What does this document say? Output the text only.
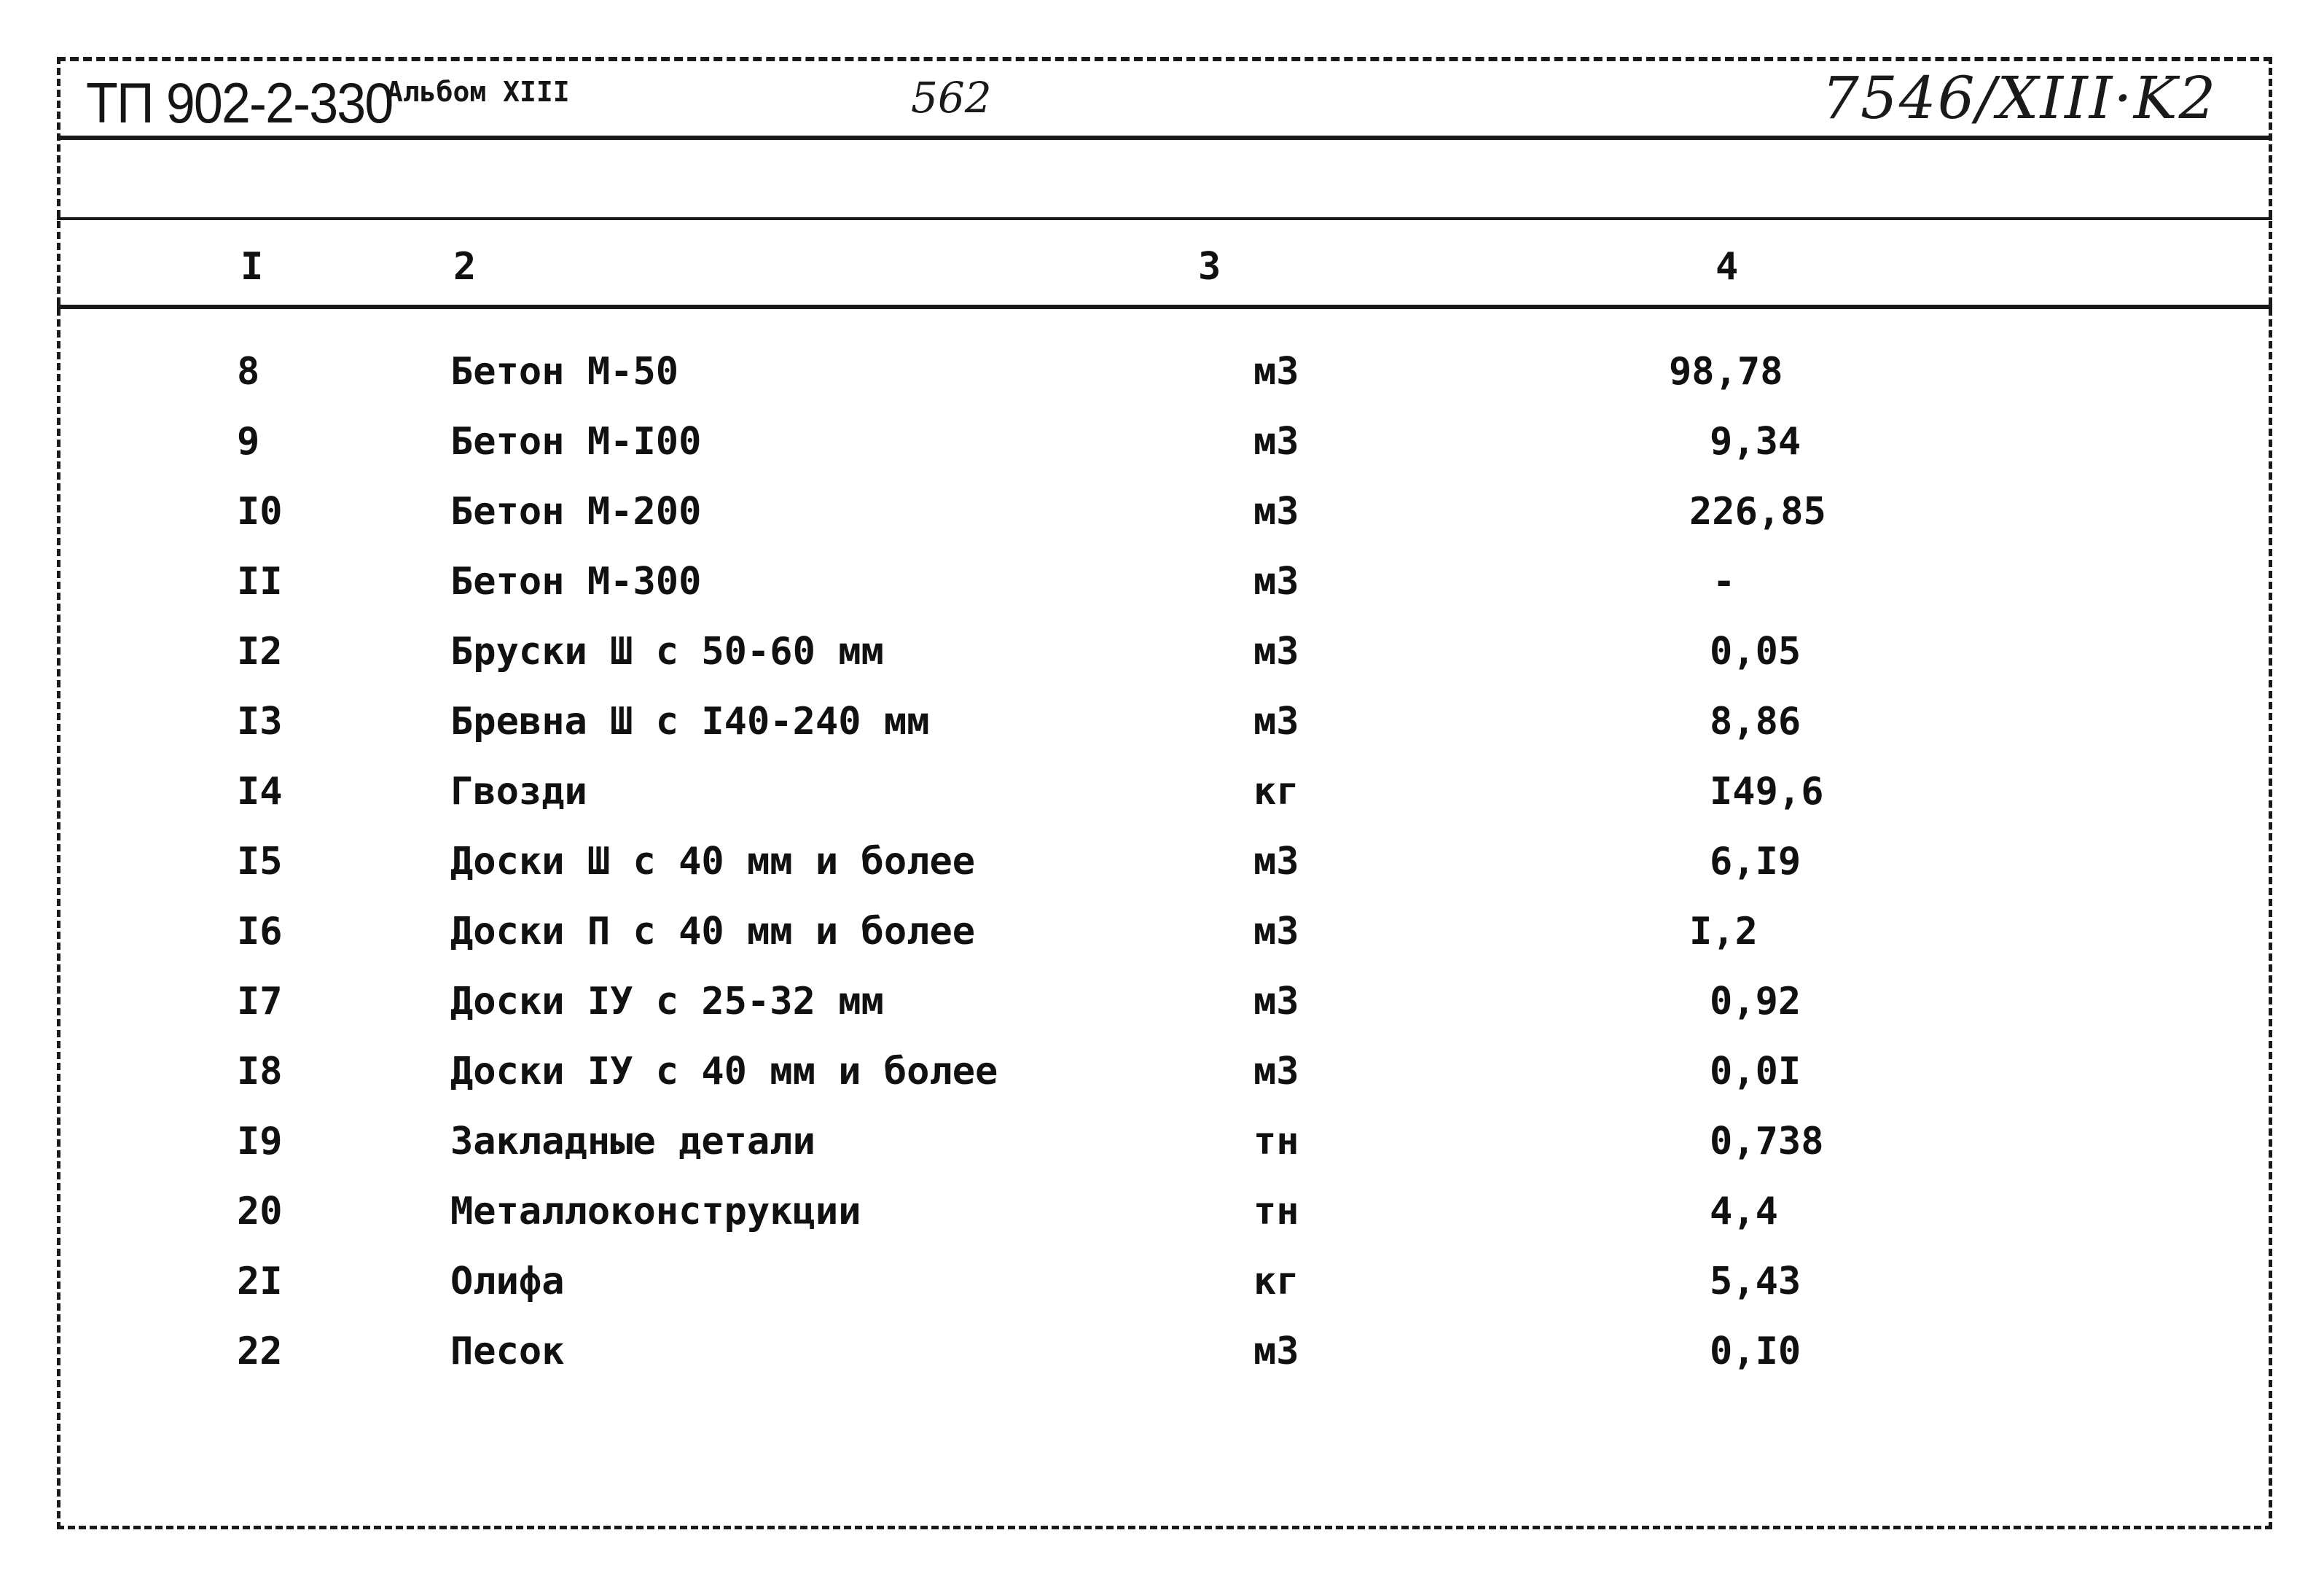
ТП 902-2-330
Альбом XIII	562	7546/XIII·K2
I	2	3	4
8	Бетон М-50	м3	98,78
9	Бетон М-I00	м3	9,34
I0	Бетон М-200	м3	226,85
II	Бетон М-300	м3	-
I2	Бруски Ш с 50-60 мм	м3	0,05
I3	Бревна Ш с I40-240 мм	м3	8,86
I4	Гвозди	кг	I49,6
I5	Доски Ш с 40 мм и более	м3	6,I9
I6	Доски П с 40 мм и более	м3	I,2
I7	Доски IУ с 25-32 мм	м3	0,92
I8	Доски IУ с 40 мм и более	м3	0,0I
I9	Закладные детали	тн	0,738
20	Металлоконструкции	тн	4,4
2I	Олифа	кг	5,43
22	Песок	м3	0,I0
